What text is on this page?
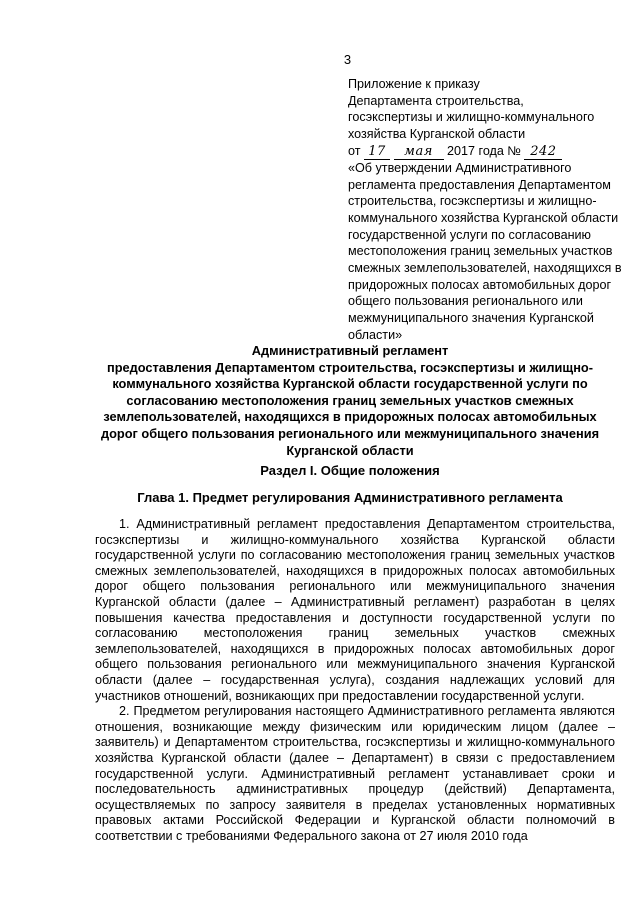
3
Приложение к приказу
Департамента строительства,
госэкспертизы и жилищно-коммунального
хозяйства Курганской области
от 17 мая 2017 года № 242
«Об утверждении Административного регламента предоставления Департаментом строительства, госэкспертизы и жилищно-коммунального хозяйства Курганской области государственной услуги по согласованию местоположения границ земельных участков смежных землепользователей, находящихся в придорожных полосах автомобильных дорог общего пользования регионального или межмуниципального значения Курганской области»
Административный регламент
предоставления Департаментом строительства, госэкспертизы и жилищно-коммунального хозяйства Курганской области государственной услуги по согласованию местоположения границ земельных участков смежных землепользователей, находящихся в придорожных полосах автомобильных дорог общего пользования регионального или межмуниципального значения Курганской области
Раздел I. Общие положения
Глава 1. Предмет регулирования Административного регламента

1. Административный регламент предоставления Департаментом строительства, госэкспертизы и жилищно-коммунального хозяйства Курганской области государственной услуги по согласованию местоположения границ земельных участков смежных землепользователей, находящихся в придорожных полосах автомобильных дорог общего пользования регионального или межмуниципального значения Курганской области (далее – Административный регламент) разработан в целях повышения качества предоставления и доступности государственной услуги по согласованию местоположения границ земельных участков смежных землепользователей, находящихся в придорожных полосах автомобильных дорог общего пользования регионального или межмуниципального значения Курганской области (далее – государственная услуга), создания надлежащих условий для участников отношений, возникающих при предоставлении государственной услуги.

2. Предметом регулирования настоящего Административного регламента являются отношения, возникающие между физическим или юридическим лицом (далее – заявитель) и Департаментом строительства, госэкспертизы и жилищно-коммунального хозяйства Курганской области (далее – Департамент) в связи с предоставлением государственной услуги. Административный регламент устанавливает сроки и последовательность административных процедур (действий) Департамента, осуществляемых по запросу заявителя в пределах установленных нормативных правовых актами Российской Федерации и Курганской области полномочий в соответствии с требованиями Федерального закона от 27 июля 2010 года
